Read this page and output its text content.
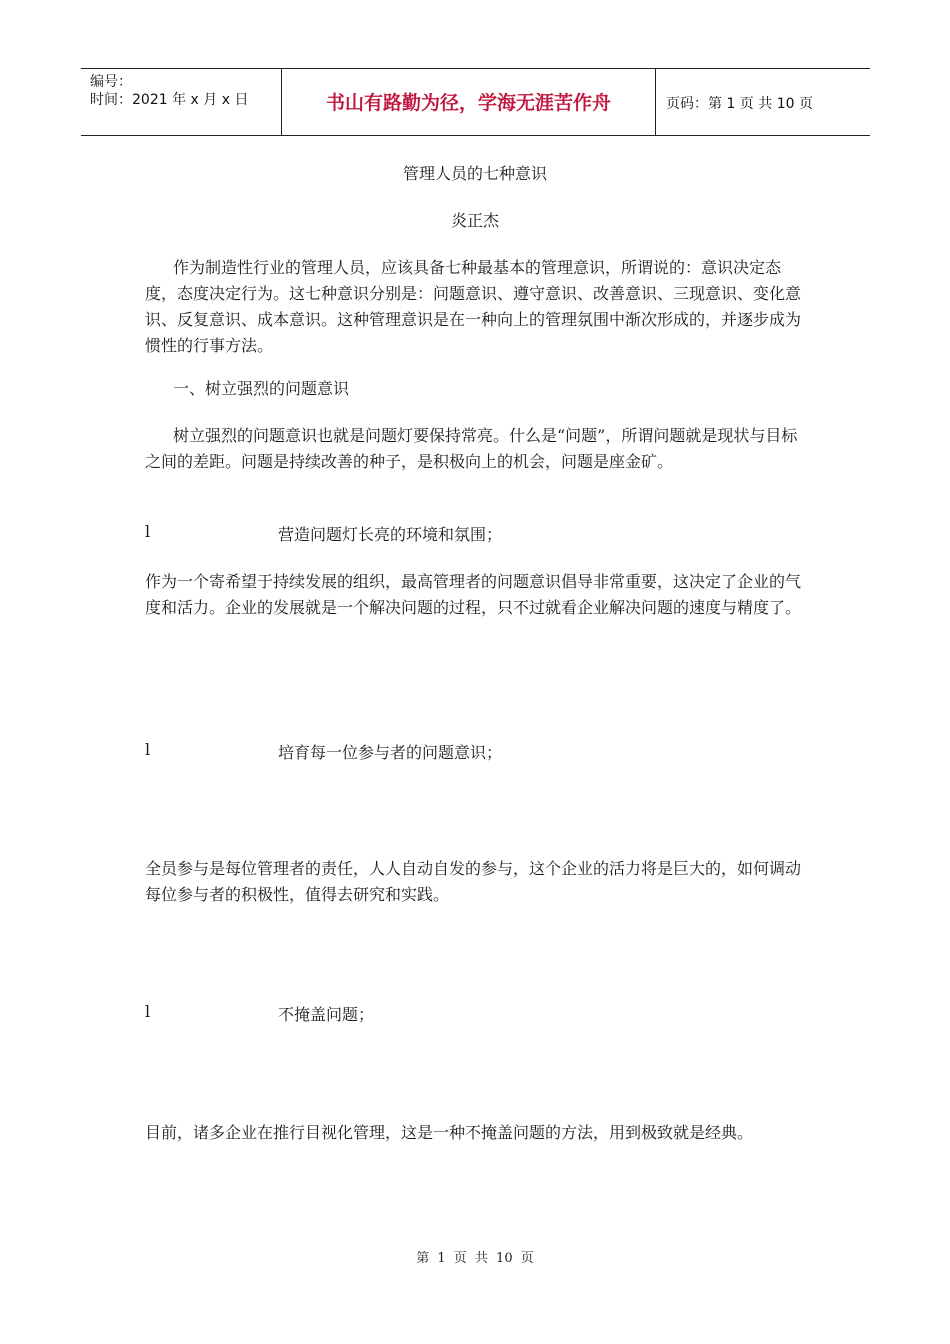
编号：
时间：2021 年 x 月 x 日	书山有路勤为径，学海无涯苦作舟	页码：第 1 页 共 10 页
管理人员的七种意识
炎正杰

作为制造性行业的管理人员，应该具备七种最基本的管理意识，所谓说的：意识决定态度，态度决定行为。这七种意识分别是：问题意识、遵守意识、改善意识、三现意识、变化意识、反复意识、成本意识。这种管理意识是在一种向上的管理氛围中渐次形成的，并逐步成为惯性的行事方法。

一、树立强烈的问题意识

树立强烈的问题意识也就是问题灯要保持常亮。什么是“问题”，所谓问题就是现状与目标之间的差距。问题是持续改善的种子，是积极向上的机会，问题是座金矿。

l	营造问题灯长亮的环境和氛围；

作为一个寄希望于持续发展的组织，最高管理者的问题意识倡导非常重要，这决定了企业的气度和活力。企业的发展就是一个解决问题的过程，只不过就看企业解决问题的速度与精度了。

l	培育每一位参与者的问题意识；

全员参与是每位管理者的责任，人人自动自发的参与，这个企业的活力将是巨大的，如何调动每位参与者的积极性，值得去研究和实践。

l	不掩盖问题；

目前，诸多企业在推行目视化管理，这是一种不掩盖问题的方法，用到极致就是经典。

第 1 页 共 10 页
